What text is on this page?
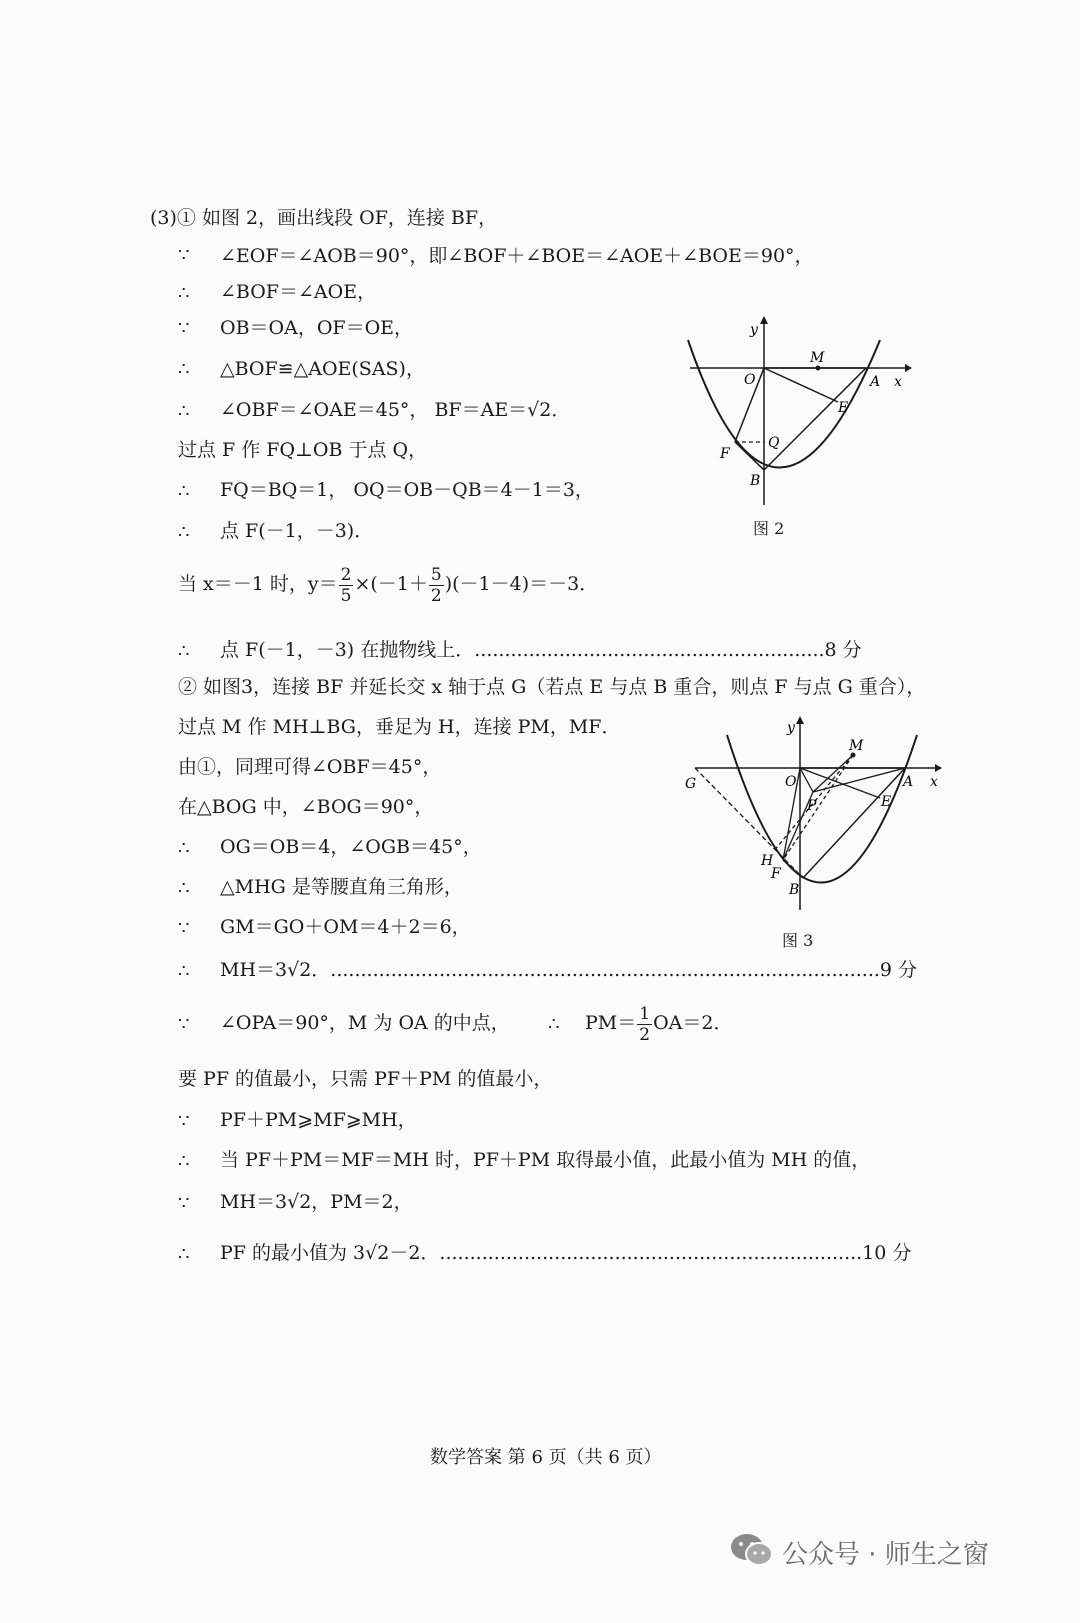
(3)① 如图 2，画出线段 OF，连接 BF，
∵ ∠EOF＝∠AOB＝90°，即∠BOF＋∠BOE＝∠AOE＋∠BOE＝90°，
∴ ∠BOF＝∠AOE，
∵ OB＝OA，OF＝OE，
∴ △BOF≌△AOE(SAS)，
∴ ∠OBF＝∠OAE＝45°， BF＝AE＝√2．
过点 F 作 FQ⊥OB 于点 Q，
∴ FQ＝BQ＝1， OQ＝OB－QB＝4－1＝3，
∴ 点 F(－1，－3)．
当 x＝－1 时，$y= \frac{2}{5} \times(-1+ \frac{5}{2} )(-1-4)=-3$．
∴ 点 F(－1，－3) 在抛物线上．..........................................................8 分
② 如图3，连接 BF 并延长交 x 轴于点 G（若点 E 与点 B 重合，则点 F 与点 G 重合），
过点 M 作 MH⊥BG，垂足为 H，连接 PM，MF．
由①，同理可得∠OBF＝45°，
在△BOG 中，∠BOG＝90°，
∴ OG＝OB＝4，∠OGB＝45°，
∴ △MHG 是等腰直角三角形，
∵ GM＝GO＋OM＝4＋2＝6，
∴ MH＝3√2．...........................................................................................9 分
∵ ∠OPA＝90°，M 为 OA 的中点， ∴ $PM= \frac{1}{2} OA=2$．
要 PF 的值最小，只需 PF＋PM 的值最小，
∵ PF＋PM⩾MF⩾MH，
∴ 当 PF＋PM＝MF＝MH 时，PF＋PM 取得最小值，此最小值为 MH 的值，
∵ MH＝3√2，PM＝2，
∴ PF 的最小值为 3√2－2．......................................................................10 分
y
x
O
M
A
E
Q
F
B
图 2
y
x
G	O
M
A
P	E
H
F
B
图 3
数学答案 第 6 页（共 6 页）
公众号 · 师生之窗
